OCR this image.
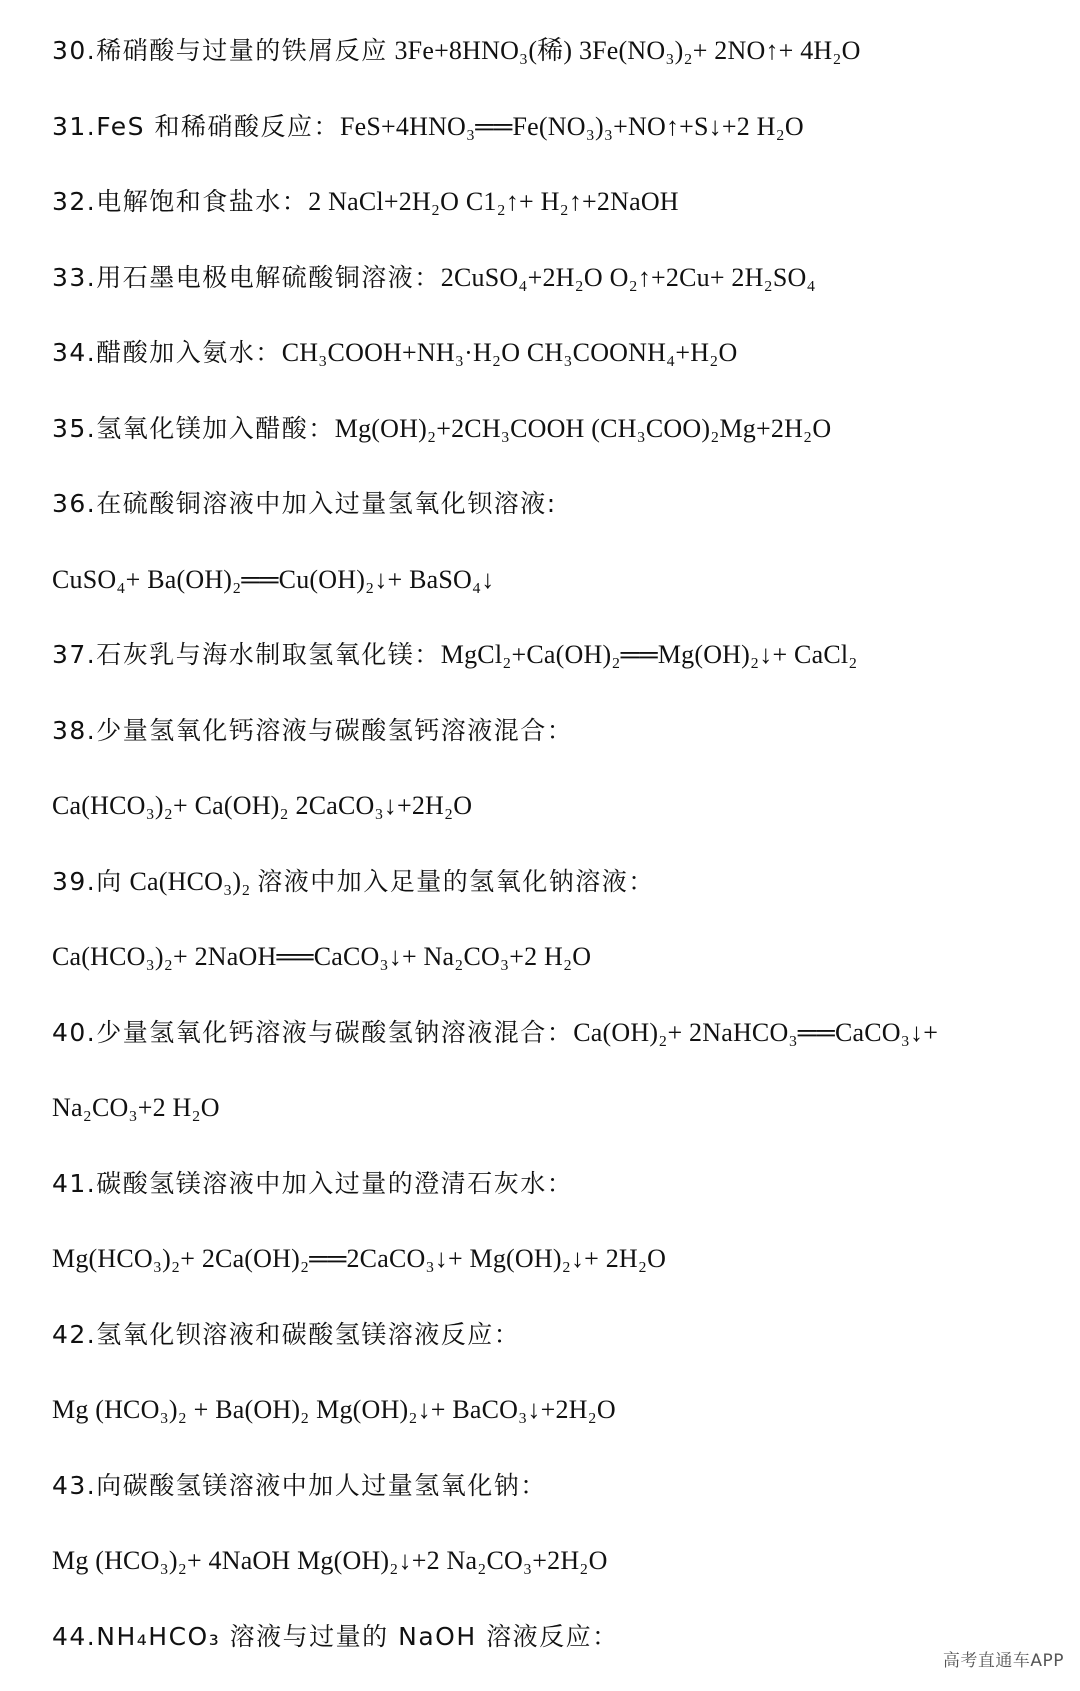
30.稀硝酸与过量的铁屑反应 3Fe+8HNO₃(稀) 3Fe(NO₃)₂+ 2NO↑+ 4H₂O
31.FeS 和稀硝酸反应：FeS+4HNO₃══Fe(NO₃)₃+NO↑+S↓+2 H₂O
32.电解饱和食盐水：2 NaCl+2H₂O C1₂↑+ H₂↑+2NaOH
33.用石墨电极电解硫酸铜溶液：2CuSO₄+2H₂O O₂↑+2Cu+ 2H₂SO₄
34.醋酸加入氨水：CH₃COOH+NH₃·H₂O CH₃COONH₄+H₂O
35.氢氧化镁加入醋酸：Mg(OH)₂+2CH₃COOH (CH₃COO)₂Mg+2H₂O
36.在硫酸铜溶液中加入过量氢氧化钡溶液:
CuSO₄+ Ba(OH)₂══Cu(OH)₂↓+ BaSO₄↓
37.石灰乳与海水制取氢氧化镁：MgCl₂+Ca(OH)₂══Mg(OH)₂↓+ CaCl₂
38.少量氢氧化钙溶液与碳酸氢钙溶液混合：
Ca(HCO₃)₂+ Ca(OH)₂ 2CaCO₃↓+2H₂O
39.向 Ca(HCO₃)₂ 溶液中加入足量的氢氧化钠溶液：
Ca(HCO₃)₂+ 2NaOH══CaCO₃↓+ Na₂CO₃+2 H₂O
40.少量氢氧化钙溶液与碳酸氢钠溶液混合：Ca(OH)₂+ 2NaHCO₃══CaCO₃↓+
Na₂CO₃+2 H₂O
41.碳酸氢镁溶液中加入过量的澄清石灰水：
Mg(HCO₃)₂+ 2Ca(OH)₂══2CaCO₃↓+ Mg(OH)₂↓+ 2H₂O
42.氢氧化钡溶液和碳酸氢镁溶液反应：
Mg (HCO₃)₂ + Ba(OH)₂ Mg(OH)₂↓+ BaCO₃↓+2H₂O
43.向碳酸氢镁溶液中加人过量氢氧化钠：
Mg (HCO₃)₂+ 4NaOH Mg(OH)₂↓+2 Na₂CO₃+2H₂O
44.NH₄HCO₃ 溶液与过量的 NaOH 溶液反应：
高考直通车APP
